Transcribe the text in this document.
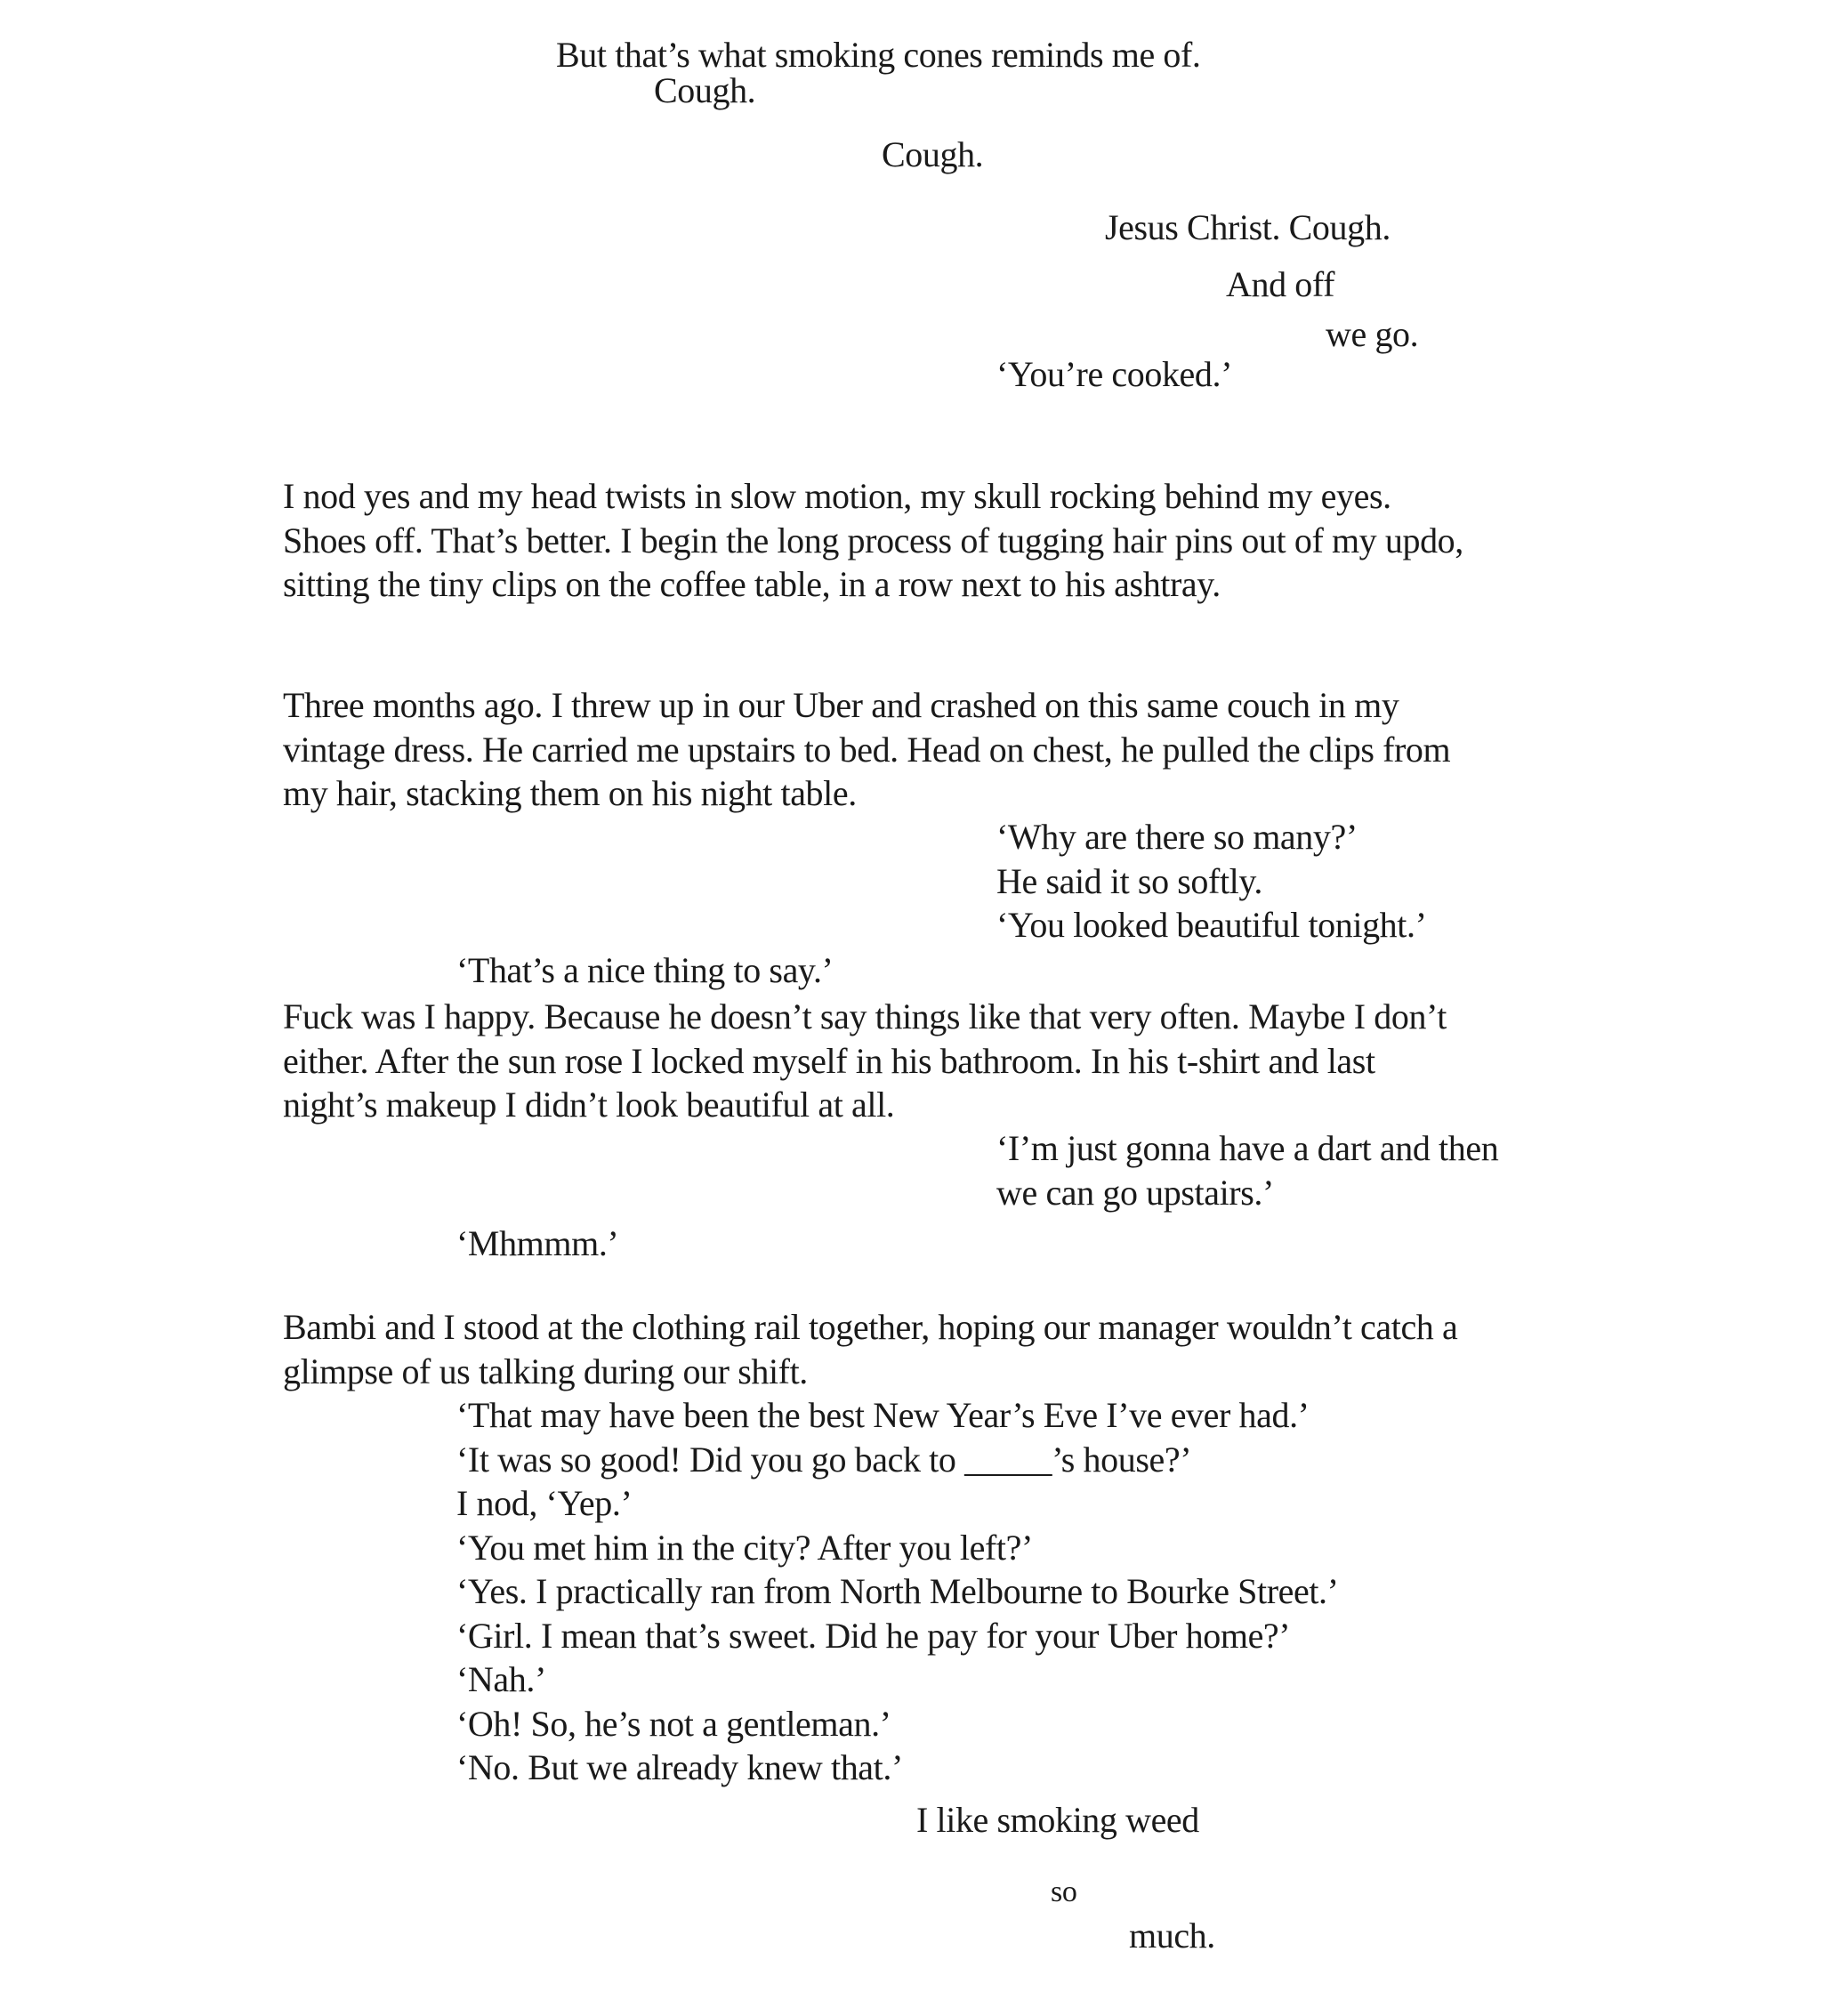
But that’s what smoking cones reminds me of.
Cough.
Cough.
Jesus Christ. Cough.
And off
we go.
‘You’re cooked.’
I nod yes and my head twists in slow motion, my skull rocking behind my eyes.
Shoes off. That’s better. I begin the long process of tugging hair pins out of my updo,
sitting the tiny clips on the coffee table, in a row next to his ashtray.
Three months ago. I threw up in our Uber and crashed on this same couch in my
vintage dress. He carried me upstairs to bed. Head on chest, he pulled the clips from
my hair, stacking them on his night table.
‘Why are there so many?’
He said it so softly.
‘You looked beautiful tonight.’
‘That’s a nice thing to say.’
Fuck was I happy. Because he doesn’t say things like that very often. Maybe I don’t
either. After the sun rose I locked myself in his bathroom. In his t-shirt and last
night’s makeup I didn’t look beautiful at all.
‘I’m just gonna have a dart and then
we can go upstairs.’
‘Mhmmm.’
Bambi and I stood at the clothing rail together, hoping our manager wouldn’t catch a
glimpse of us talking during our shift.
‘That may have been the best New Year’s Eve I’ve ever had.’
‘It was so good! Did you go back to _____’s house?’
I nod, ‘Yep.’
‘You met him in the city? After you left?’
‘Yes. I practically ran from North Melbourne to Bourke Street.’
‘Girl. I mean that’s sweet. Did he pay for your Uber home?’
‘Nah.’
‘Oh! So, he’s not a gentleman.’
‘No. But we already knew that.’
I like smoking weed
so
much.
